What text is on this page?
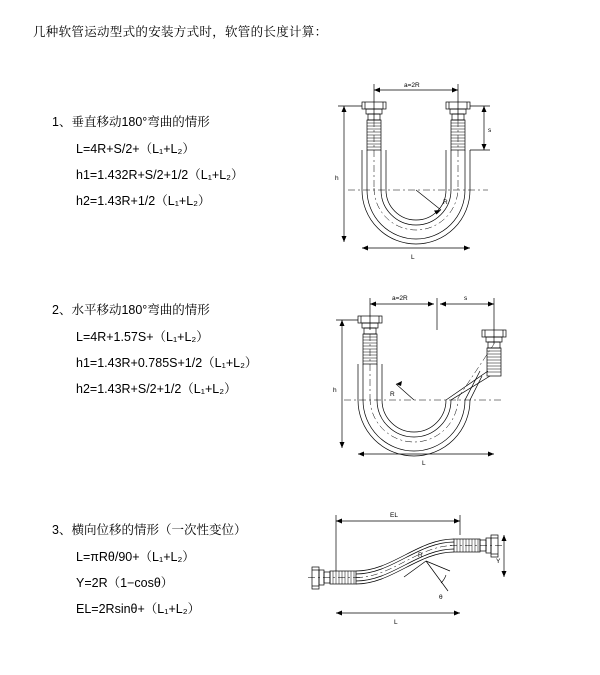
几种软管运动型式的安装方式时，软管的长度计算：
1、垂直移动180°弯曲的情形
L=4R+S/2+（L₁+L₂）
h1=1.432R+S/2+1/2（L₁+L₂）
h2=1.43R+1/2（L₁+L₂）
a=2R
R
L
h
s
2、水平移动180°弯曲的情形
L=4R+1.57S+（L₁+L₂）
h1=1.43R+0.785S+1/2（L₁+L₂）
h2=1.43R+S/2+1/2（L₁+L₂）
a=2R	s
R
L
h
3、横向位移的情形（一次性变位）
L=πRθ/90+（L₁+L₂）
Y=2R（1−cosθ）
EL=2Rsinθ+（L₁+L₂）
EL
L
Y
θ
R
